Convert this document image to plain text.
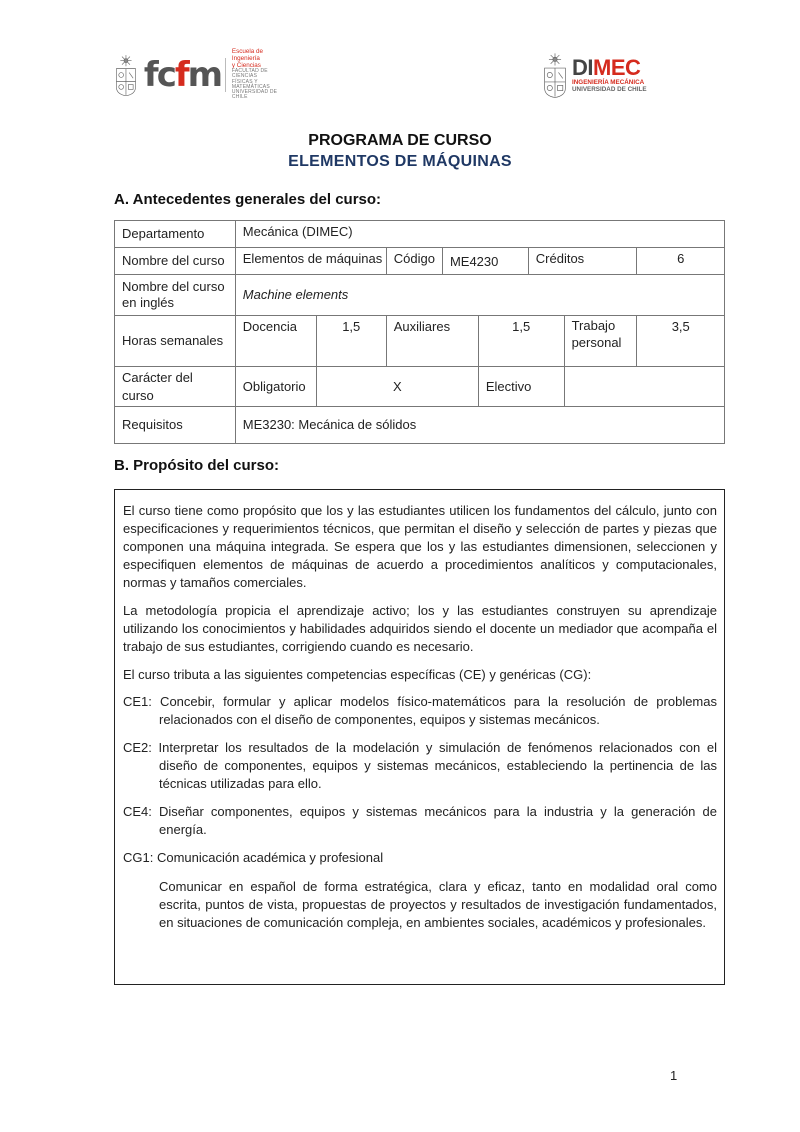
fc f m
Escuela de Ingeniería
y Ciencias
FACULTAD DE CIENCIAS
FÍSICAS Y MATEMÁTICAS
UNIVERSIDAD DE CHILE
DIMEC
INGENIERÍA MECÁNICA
UNIVERSIDAD DE CHILE
PROGRAMA DE CURSO
ELEMENTOS DE MÁQUINAS
A. Antecedentes generales del curso:
Departamento	Mecánica (DIMEC)							
Nombre del curso	Elementos de máquinas		Código	ME4230		Créditos		6
Nombre del curso en inglés	Machine elements							
Horas semanales	Docencia	1,5	Auxiliares		1,5		Trabajo personal	3,5
Carácter del curso	Obligatorio	X			Electivo			
Requisitos	ME3230: Mecánica de sólidos							
B. Propósito del curso:

El curso tiene como propósito que los y las estudiantes utilicen los fundamentos del cálculo, junto con especificaciones y requerimientos técnicos, que permitan el diseño y selección de partes y piezas que componen una máquina integrada. Se espera que los y las estudiantes dimensionen, seleccionen y especifiquen elementos de máquinas de acuerdo a procedimientos analíticos y computacionales, normas y tamaños comerciales.

La metodología propicia el aprendizaje activo; los y las estudiantes construyen su aprendizaje utilizando los conocimientos y habilidades adquiridos siendo el docente un mediador que acompaña el trabajo de sus estudiantes, corrigiendo cuando es necesario.

El curso tributa a las siguientes competencias específicas (CE) y genéricas (CG):

CE1: Concebir, formular y aplicar modelos físico-matemáticos para la resolución de problemas relacionados con el diseño de componentes, equipos y sistemas mecánicos.
CE2: Interpretar los resultados de la modelación y simulación de fenómenos relacionados con el diseño de componentes, equipos y sistemas mecánicos, estableciendo la pertinencia de las técnicas utilizadas para ello.
CE4: Diseñar componentes, equipos y sistemas mecánicos para la industria y la generación de energía.
CG1: Comunicación académica y profesional
Comunicar en español de forma estratégica, clara y eficaz, tanto en modalidad oral como escrita, puntos de vista, propuestas de proyectos y resultados de investigación fundamentados, en situaciones de comunicación compleja, en ambientes sociales, académicos y profesionales.
1
